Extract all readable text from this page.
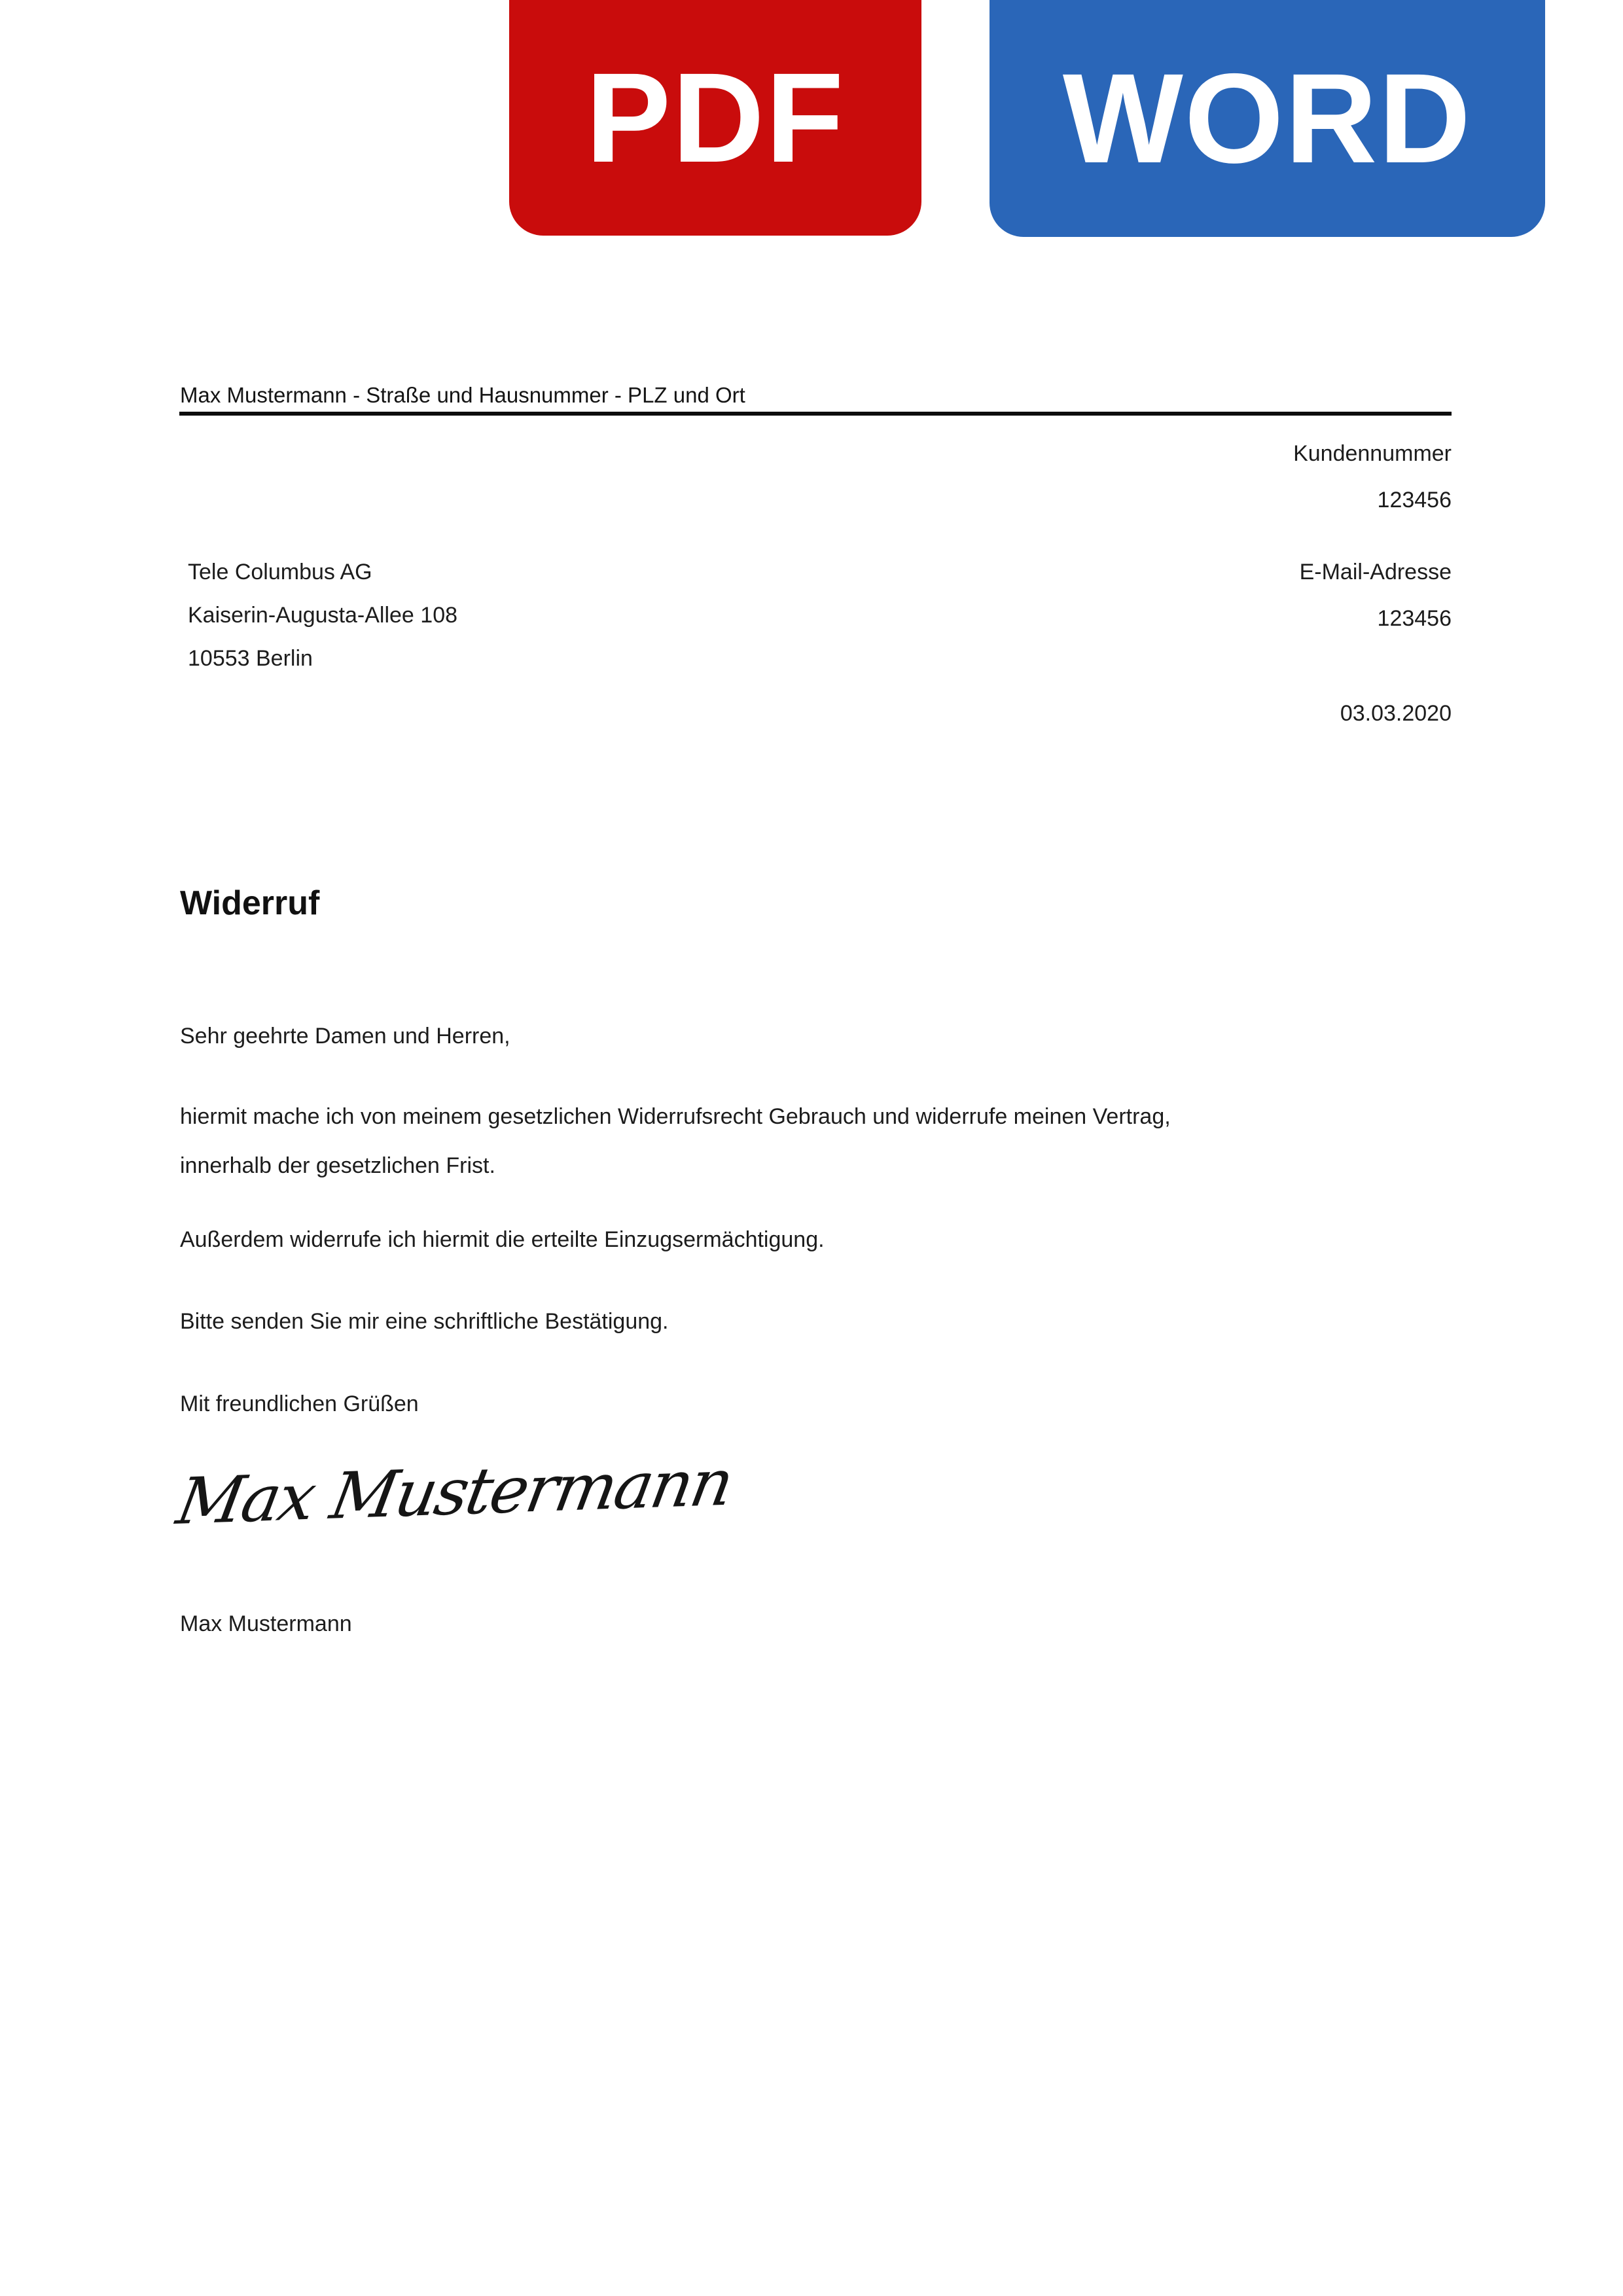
PDF WORD
Max Mustermann - Straße und Hausnummer - PLZ und Ort
Kundennummer
123456
E-Mail-Adresse
123456
03.03.2020
Tele Columbus AG
Kaiserin-Augusta-Allee 108
10553 Berlin
Widerruf
Sehr geehrte Damen und Herren,
hiermit mache ich von meinem gesetzlichen Widerrufsrecht Gebrauch und widerrufe meinen Vertrag,
innerhalb der gesetzlichen Frist.
Außerdem widerrufe ich hiermit die erteilte Einzugsermächtigung.
Bitte senden Sie mir eine schriftliche Bestätigung.
Mit freundlichen Grüßen
Max Mustermann
Max Mustermann
